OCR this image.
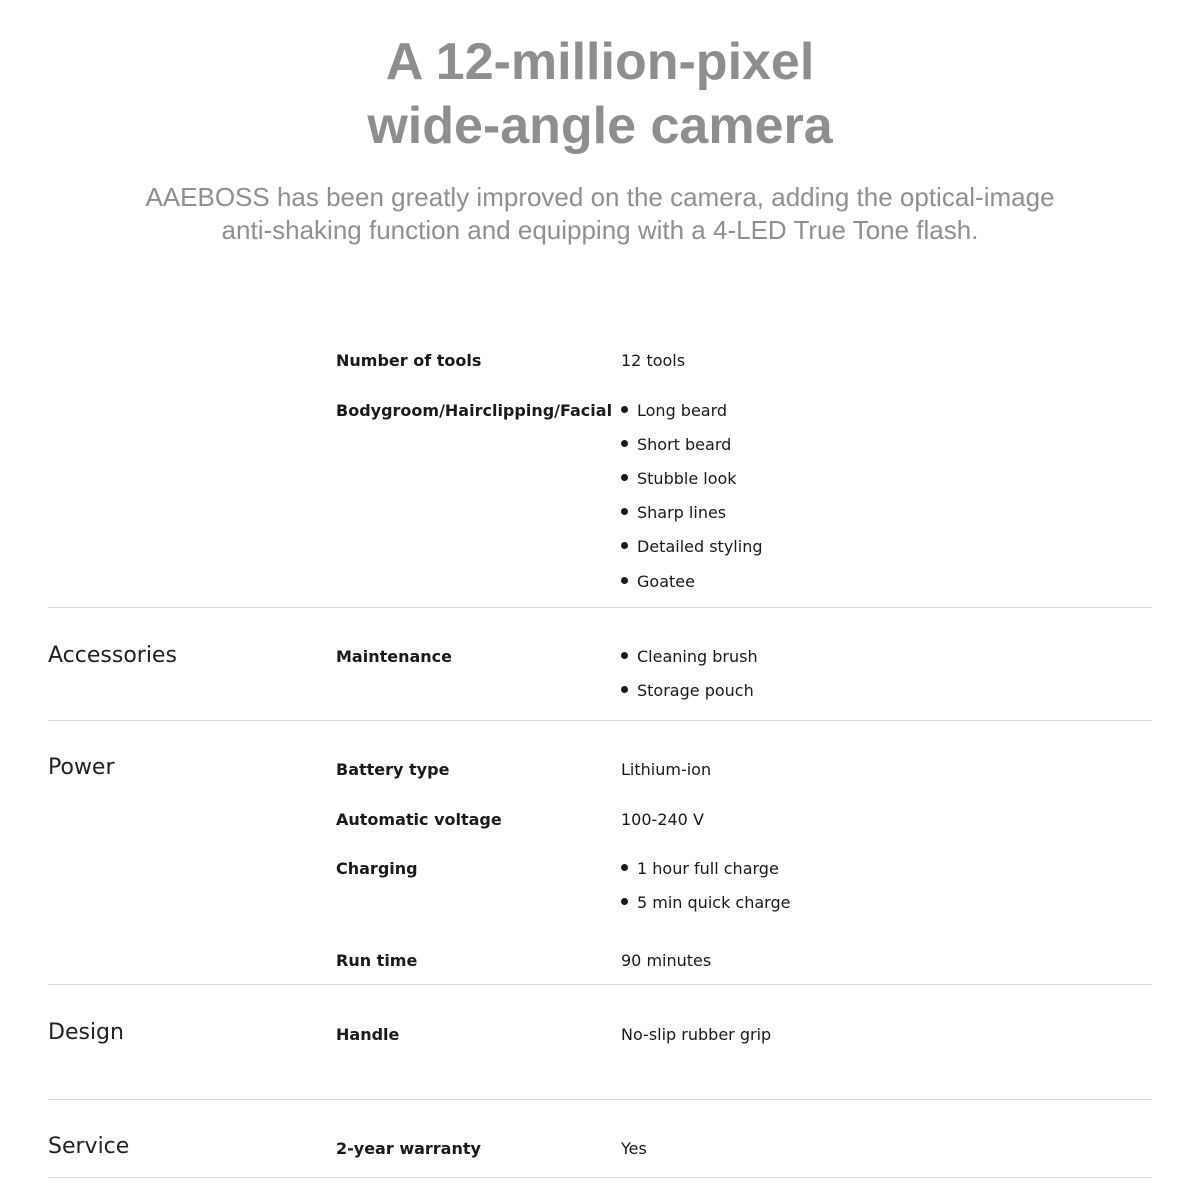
A 12-million-pixel
wide-angle camera

AAEBOSS has been greatly improved on the camera, adding the optical-image
anti-shaking function and equipping with a 4-LED True Tone flash.

Number of tools	12 tools
Bodygroom/Hairclipping/Facial	Long beard
Short beard
Stubble look
Sharp lines
Detailed styling
Goatee
Accessories	Maintenance	Cleaning brush
Storage pouch
Power	Battery type	Lithium-ion
Automatic voltage	100-240 V
Charging	1 hour full charge
5 min quick charge
Run time	90 minutes
Design	Handle	No-slip rubber grip
Service	2-year warranty	Yes
